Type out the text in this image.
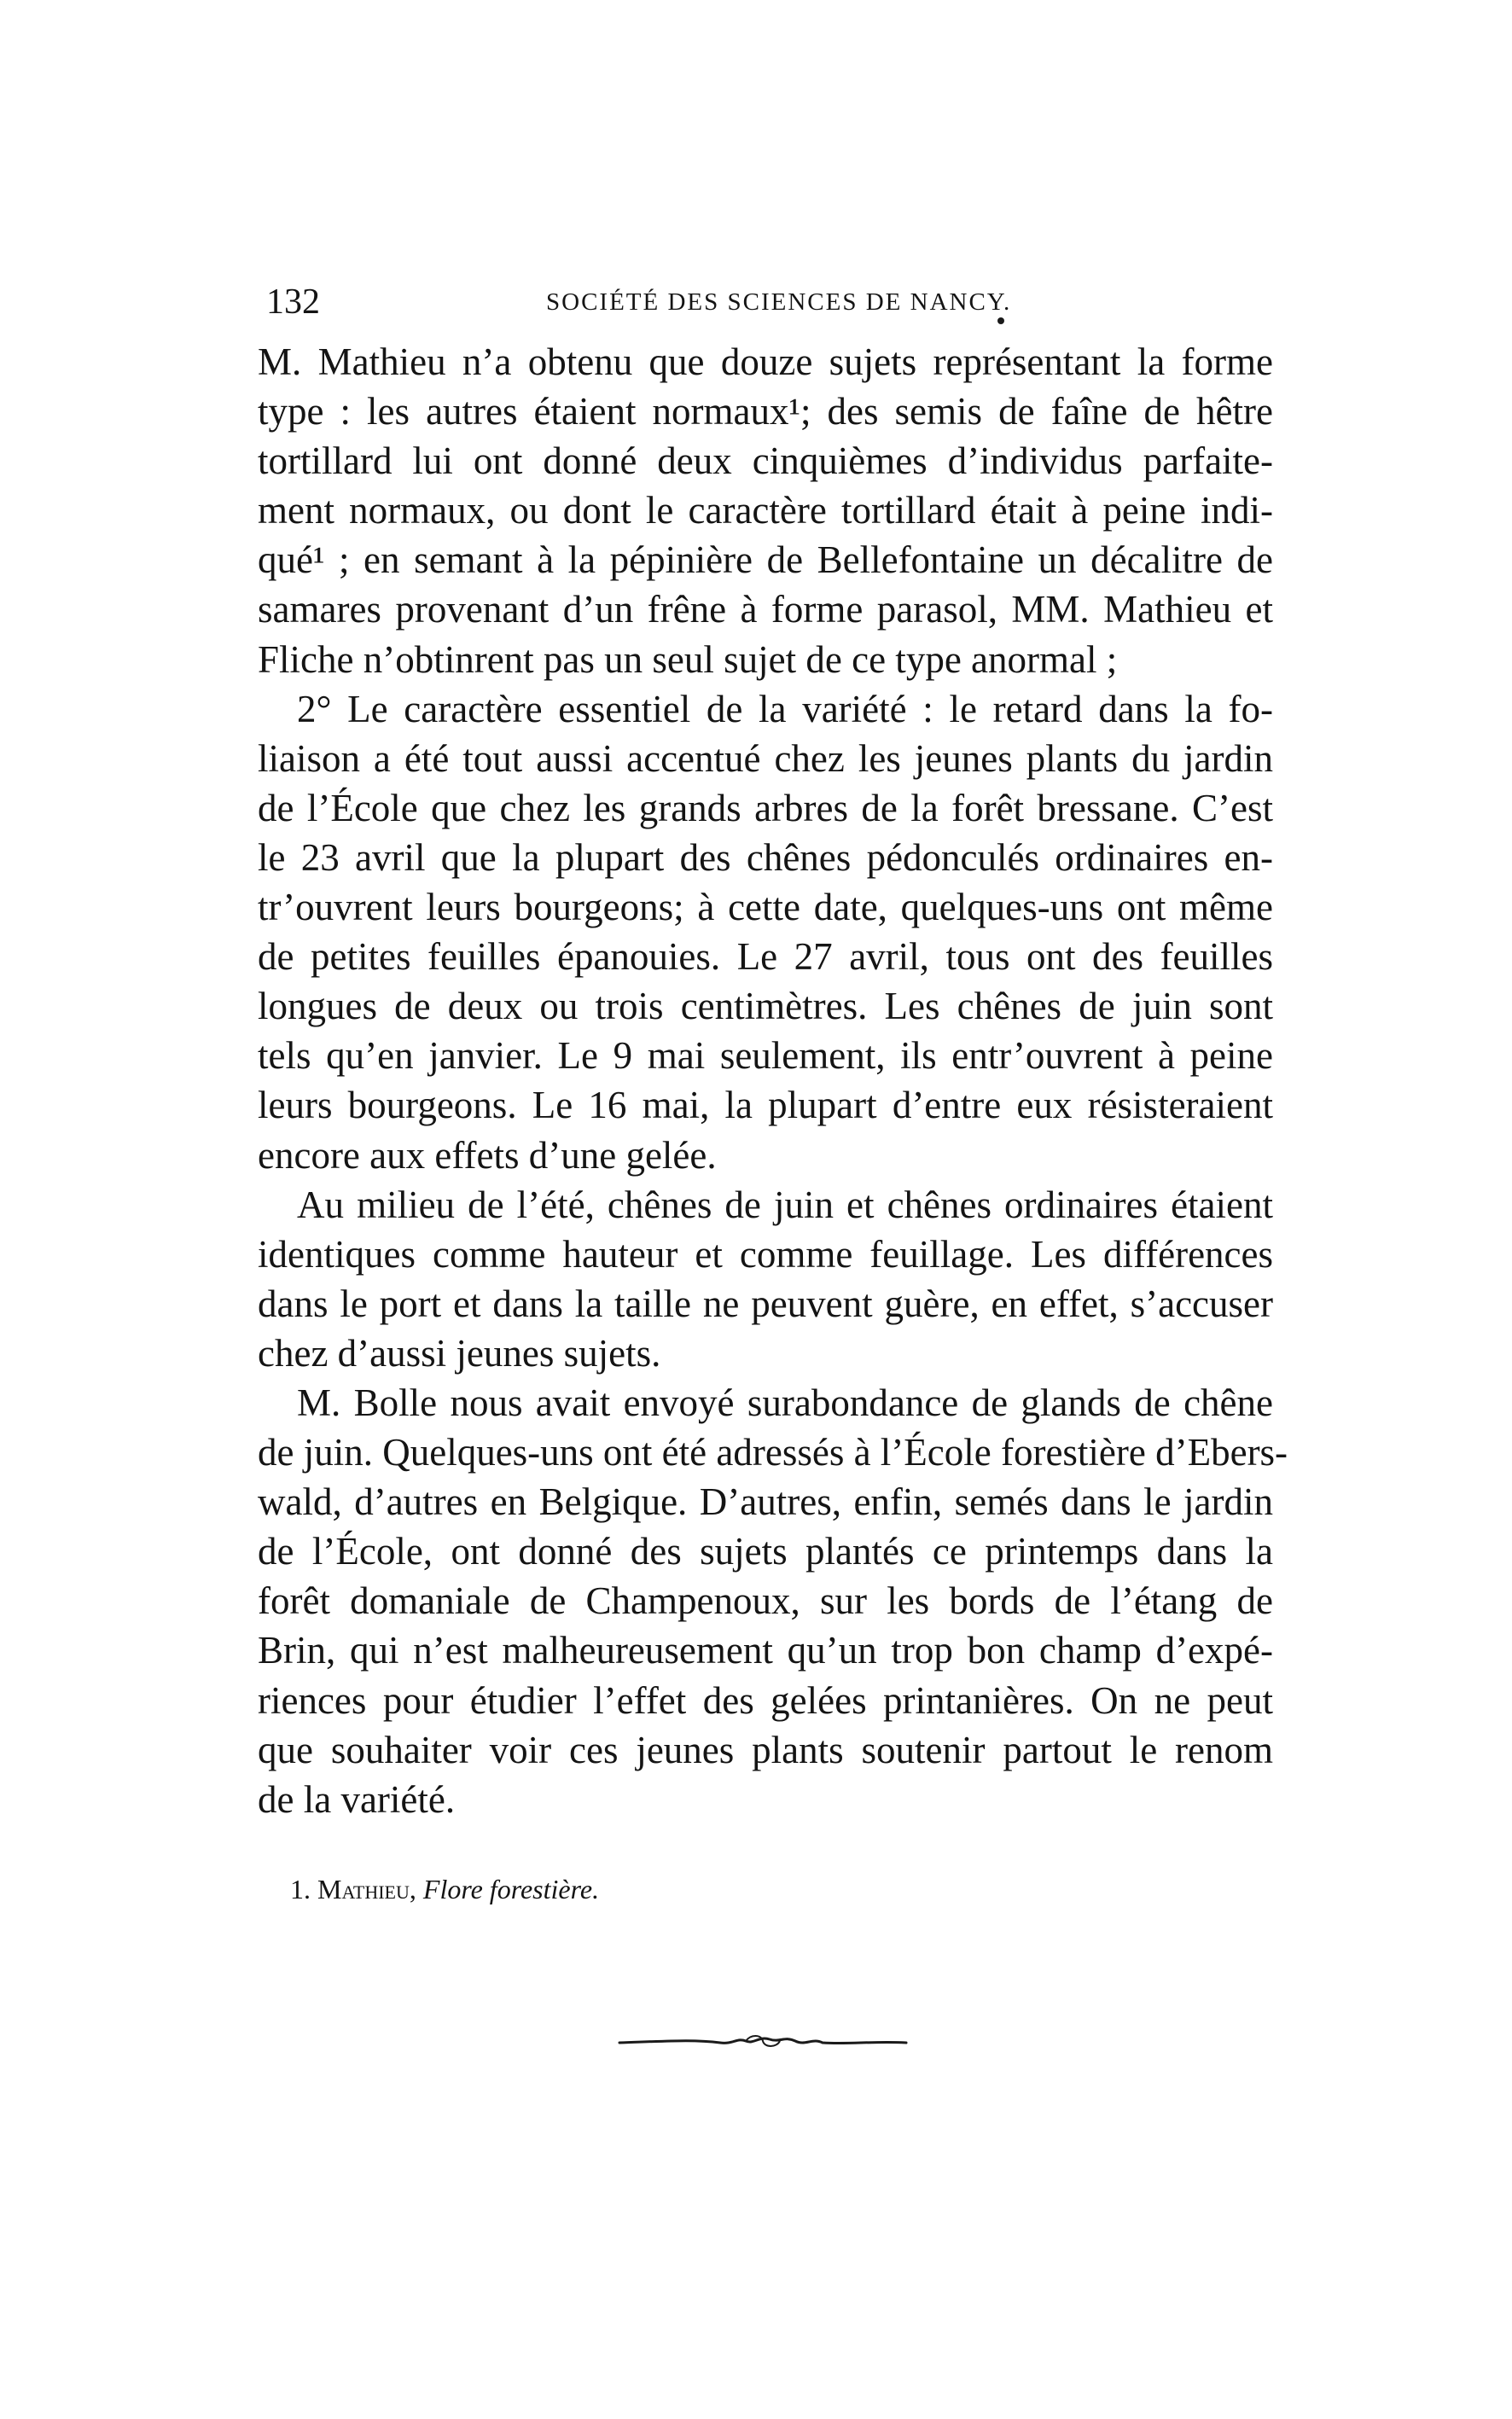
132	SOCIÉTÉ DES SCIENCES DE NANCY.
M. Mathieu n’a obtenu que douze sujets représentant la forme
type : les autres étaient normaux¹; des semis de faîne de hêtre
tortillard lui ont donné deux cinquièmes d’individus parfaite-
ment normaux, ou dont le caractère tortillard était à peine indi-
qué¹ ; en semant à la pépinière de Bellefontaine un décalitre de
samares provenant d’un frêne à forme parasol, MM. Mathieu et
Fliche n’obtinrent pas un seul sujet de ce type anormal ;
2° Le caractère essentiel de la variété : le retard dans la fo-
liaison a été tout aussi accentué chez les jeunes plants du jardin
de l’École que chez les grands arbres de la forêt bressane. C’est
le 23 avril que la plupart des chênes pédonculés ordinaires en-
tr’ouvrent leurs bourgeons; à cette date, quelques-uns ont même
de petites feuilles épanouies. Le 27 avril, tous ont des feuilles
longues de deux ou trois centimètres. Les chênes de juin sont
tels qu’en janvier. Le 9 mai seulement, ils entr’ouvrent à peine
leurs bourgeons. Le 16 mai, la plupart d’entre eux résisteraient
encore aux effets d’une gelée.
Au milieu de l’été, chênes de juin et chênes ordinaires étaient
identiques comme hauteur et comme feuillage. Les différences
dans le port et dans la taille ne peuvent guère, en effet, s’accuser
chez d’aussi jeunes sujets.
M. Bolle nous avait envoyé surabondance de glands de chêne
de juin. Quelques-uns ont été adressés à l’École forestière d’Ebers-
wald, d’autres en Belgique. D’autres, enfin, semés dans le jardin
de l’École, ont donné des sujets plantés ce printemps dans la
forêt domaniale de Champenoux, sur les bords de l’étang de
Brin, qui n’est malheureusement qu’un trop bon champ d’expé-
riences pour étudier l’effet des gelées printanières. On ne peut
que souhaiter voir ces jeunes plants soutenir partout le renom
de la variété.
1. Mathieu, Flore forestière.
